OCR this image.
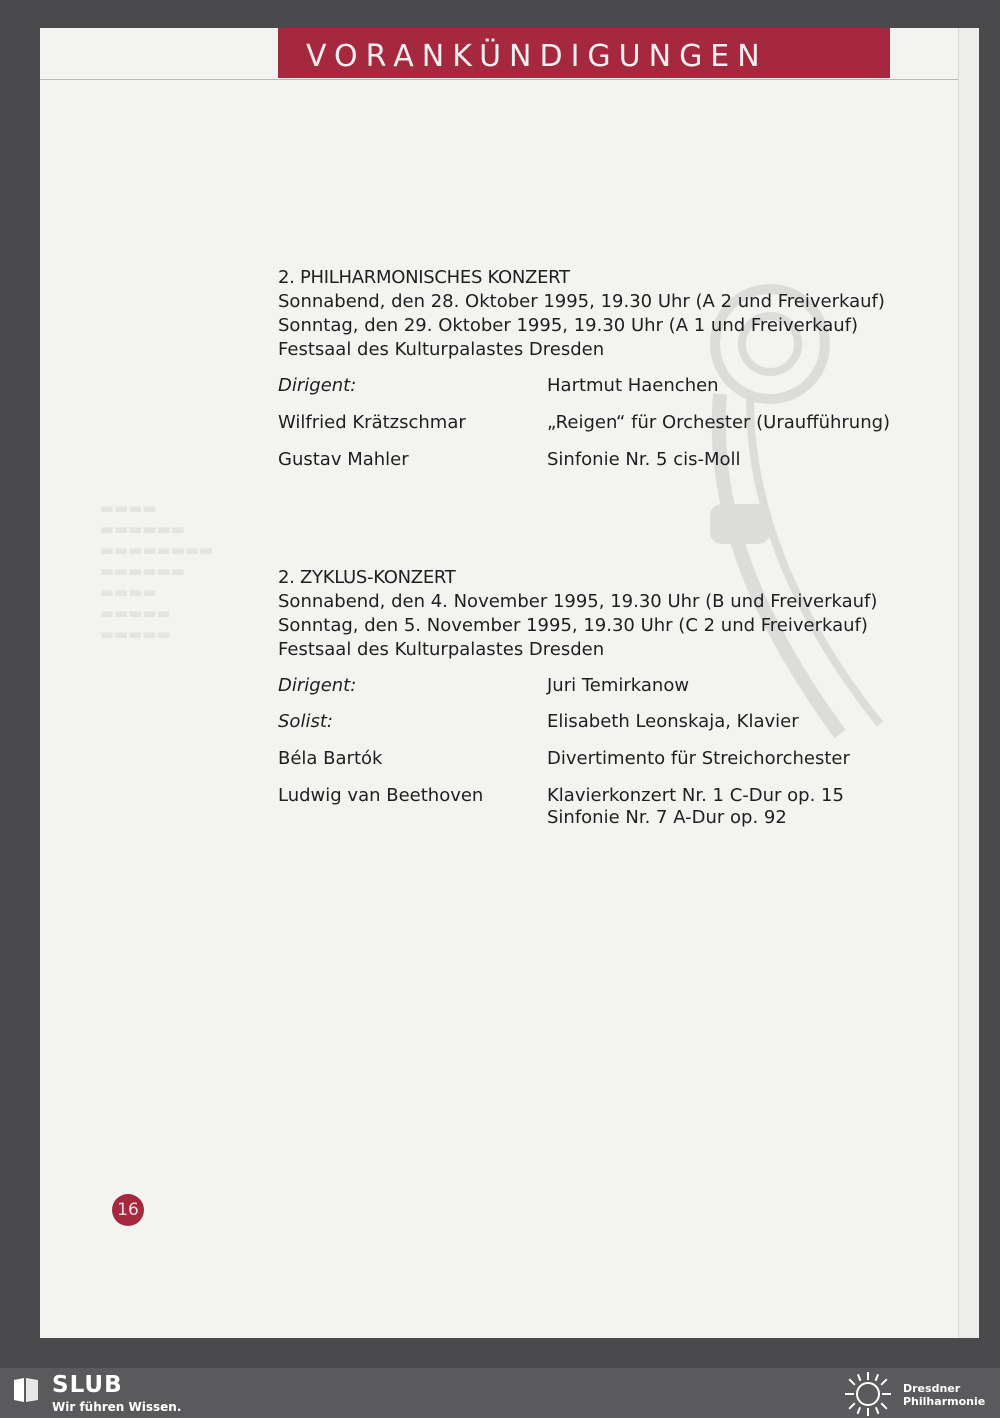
VORANKÜNDIGUNGEN
▬▬▬▬
▬▬▬▬▬▬
▬▬▬▬▬▬▬▬
▬▬▬▬▬▬
▬▬▬▬
▬▬▬▬▬
▬▬▬▬▬
2. PHILHARMONISCHES KONZERT
Sonnabend, den 28. Oktober 1995, 19.30 Uhr (A 2 und Freiverkauf)
Sonntag, den 29. Oktober 1995, 19.30 Uhr (A 1 und Freiverkauf)
Festsaal des Kulturpalastes Dresden
Dirigent:	Hartmut Haenchen
Wilfried Krätzschmar	„Reigen“ für Orchester (Uraufführung)
Gustav Mahler	Sinfonie Nr. 5 cis-Moll
2. ZYKLUS-KONZERT
Sonnabend, den 4. November 1995, 19.30 Uhr (B und Freiverkauf)
Sonntag, den 5. November 1995, 19.30 Uhr (C 2 und Freiverkauf)
Festsaal des Kulturpalastes Dresden
Dirigent:	Juri Temirkanow
Solist:	Elisabeth Leonskaja, Klavier
Béla Bartók	Divertimento für Streichorchester
Ludwig van Beethoven	Klavierkonzert Nr. 1 C-Dur op. 15
Sinfonie Nr. 7 A-Dur op. 92
16
SLUB
Wir führen Wissen.
Dresdner
Philharmonie
